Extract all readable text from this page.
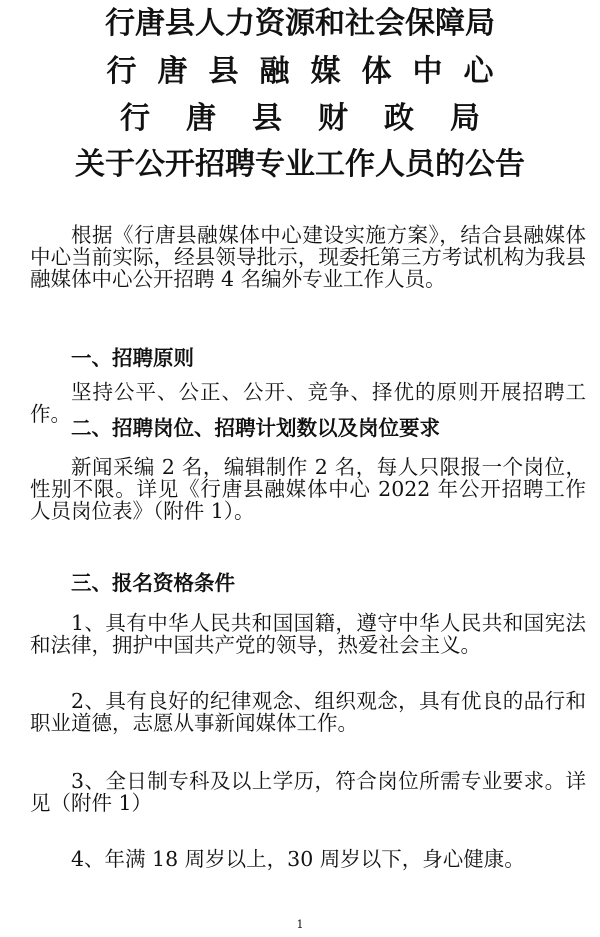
行唐县人力资源和社会保障局
行唐县融媒体中心
行唐县财政局
关于公开招聘专业工作人员的公告

根据《行唐县融媒体中心建设实施方案》，结合县融媒体中心当前实际，经县领导批示，现委托第三方考试机构为我县融媒体中心公开招聘 4 名编外专业工作人员。

一、招聘原则

坚持公平、公正、公开、竞争、择优的原则开展招聘工作。

二、招聘岗位、招聘计划数以及岗位要求

新闻采编 2 名，编辑制作 2 名，每人只限报一个岗位，性别不限。详见《行唐县融媒体中心 2022 年公开招聘工作人员岗位表》（附件 1）。

三、报名资格条件

1、具有中华人民共和国国籍，遵守中华人民共和国宪法和法律，拥护中国共产党的领导，热爱社会主义。

2、具有良好的纪律观念、组织观念，具有优良的品行和职业道德，志愿从事新闻媒体工作。

3、全日制专科及以上学历，符合岗位所需专业要求。详见（附件 1）

4、年满 18 周岁以上，30 周岁以下，身心健康。

1
